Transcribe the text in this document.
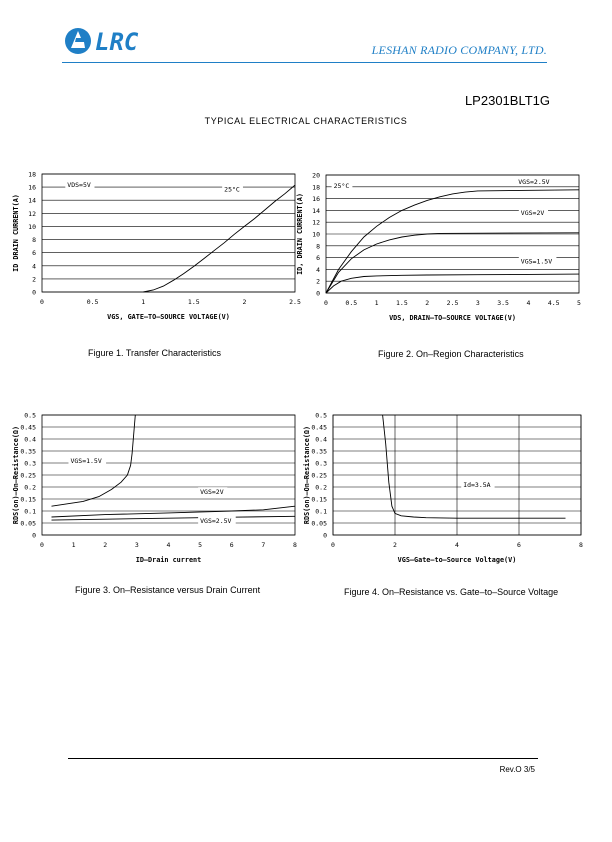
LRC	LESHAN RADIO COMPANY, LTD.
LP2301BLT1G
TYPICAL ELECTRICAL CHARACTERISTICS
0
2
4
6
8
10
12
14
16
18
0	0.5	1	1.5	2	2.5
VGS, GATE–TO–SOURCE VOLTAGE(V)
ID DRAIN CURRENT(A)
VDS=5V
25°C
0
2
4
6
8
10
12
14
16
18
20
0	0.5	1	1.5	2	2.5	3	3.5	4	4.5	5
VDS, DRAIN–TO–SOURCE VOLTAGE(V)
ID, DRAIN CURRENT(A)
25°C
VGS=2.5V
VGS=2V
VGS=1.5V
0
0.05
0.1
0.15
0.2
0.25
0.3
0.35
0.4
0.45
0.5
0	1	2	3	4	5	6	7	8
ID–Drain current
RDS(on)–On–Resistance(Ω)	VGS=1.5V
VGS=2V
VGS=2.5V
0
0.05
0.1
0.15
0.2
0.25
0.3
0.35
0.4
0.45
0.5
0	2	4	6	8
VGS–Gate–to–Source Voltage(V)
RDS(on)–On–Resistance(Ω)	Id=3.5A
Figure 1. Transfer Characteristics	Figure 2. On–Region Characteristics
Figure 3. On–Resistance versus Drain Current	Figure 4. On–Resistance vs. Gate–to–Source Voltage
Rev.O 3/5
